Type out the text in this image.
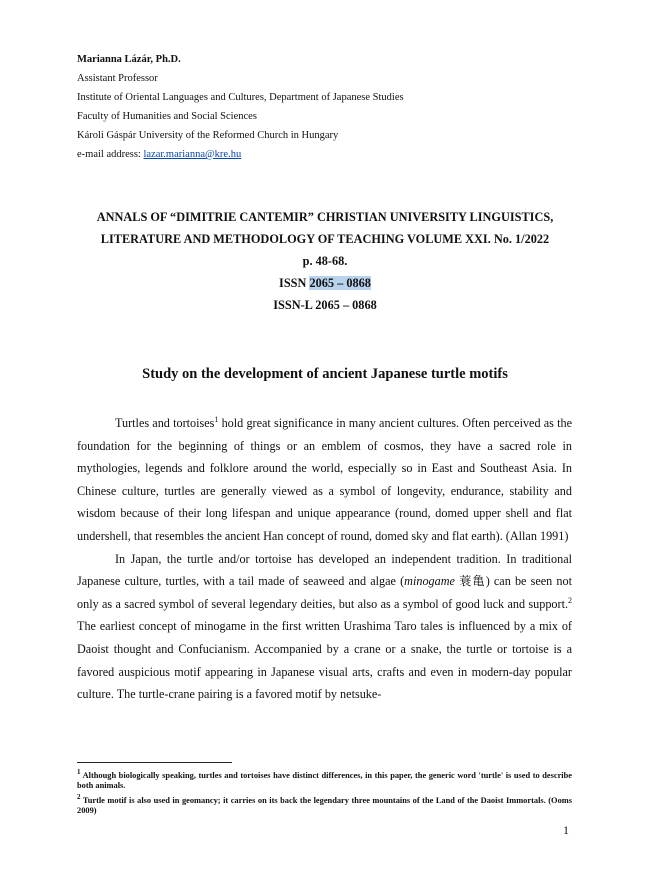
Marianna Lázár, Ph.D.
Assistant Professor
Institute of Oriental Languages and Cultures, Department of Japanese Studies
Faculty of Humanities and Social Sciences
Károli Gáspár University of the Reformed Church in Hungary
e-mail address: lazar.marianna@kre.hu
ANNALS OF “DIMITRIE CANTEMIR” CHRISTIAN UNIVERSITY LINGUISTICS,
LITERATURE AND METHODOLOGY OF TEACHING VOLUME XXI. No. 1/2022
p. 48-68.
ISSN 2065 – 0868
ISSN-L 2065 – 0868
Study on the development of ancient Japanese turtle motifs

Turtles and tortoises$^1$ hold great significance in many ancient cultures. Often perceived as the foundation for the beginning of things or an emblem of cosmos, they have a sacred role in mythologies, legends and folklore around the world, especially so in East and Southeast Asia. In Chinese culture, turtles are generally viewed as a symbol of longevity, endurance, stability and wisdom because of their long lifespan and unique appearance (round, domed upper shell and flat undershell, that resembles the ancient Han concept of round, domed sky and flat earth). (Allan 1991)

In Japan, the turtle and/or tortoise has developed an independent tradition. In traditional Japanese culture, turtles, with a tail made of seaweed and algae (minogame 蓑亀) can be seen not only as a sacred symbol of several legendary deities, but also as a symbol of good luck and support.$^2$ The earliest concept of minogame in the first written Urashima Taro tales is influenced by a mix of Daoist thought and Confucianism. Accompanied by a crane or a snake, the turtle or tortoise is a favored auspicious motif appearing in Japanese visual arts, crafts and even in modern-day popular culture. The turtle-crane pairing is a favored motif by netsuke-

$^1$ Although biologically speaking, turtles and tortoises have distinct differences, in this paper, the generic word 'turtle' is used to describe both animals.

$^2$ Turtle motif is also used in geomancy; it carries on its back the legendary three mountains of the Land of the Daoist Immortals. (Ooms 2009)

1
